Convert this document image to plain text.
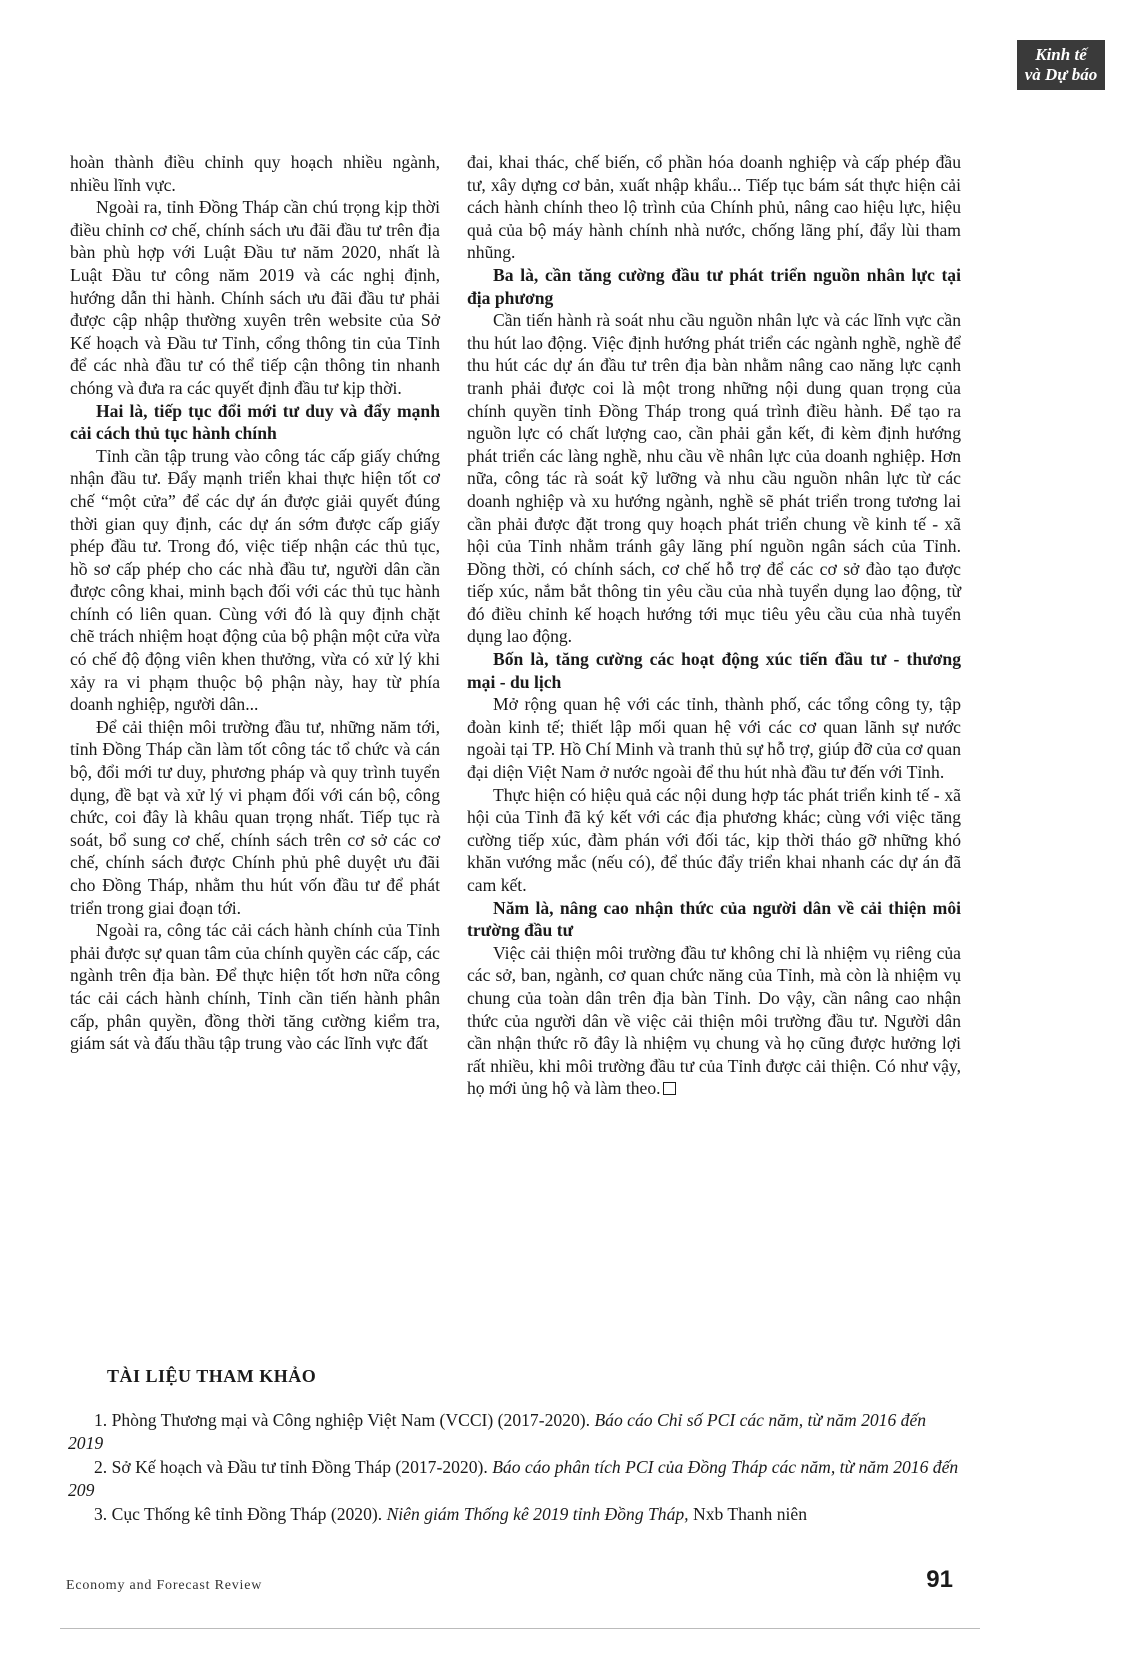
Kinh tế
và Dự báo

hoàn thành điều chỉnh quy hoạch nhiều ngành, nhiều lĩnh vực.

Ngoài ra, tỉnh Đồng Tháp cần chú trọng kịp thời điều chỉnh cơ chế, chính sách ưu đãi đầu tư trên địa bàn phù hợp với Luật Đầu tư năm 2020, nhất là Luật Đầu tư công năm 2019 và các nghị định, hướng dẫn thi hành. Chính sách ưu đãi đầu tư phải được cập nhập thường xuyên trên website của Sở Kế hoạch và Đầu tư Tỉnh, cổng thông tin của Tỉnh để các nhà đầu tư có thể tiếp cận thông tin nhanh chóng và đưa ra các quyết định đầu tư kịp thời.

Hai là, tiếp tục đổi mới tư duy và đẩy mạnh cải cách thủ tục hành chính

Tỉnh cần tập trung vào công tác cấp giấy chứng nhận đầu tư. Đẩy mạnh triển khai thực hiện tốt cơ chế “một cửa” để các dự án được giải quyết đúng thời gian quy định, các dự án sớm được cấp giấy phép đầu tư. Trong đó, việc tiếp nhận các thủ tục, hồ sơ cấp phép cho các nhà đầu tư, người dân cần được công khai, minh bạch đối với các thủ tục hành chính có liên quan. Cùng với đó là quy định chặt chẽ trách nhiệm hoạt động của bộ phận một cửa vừa có chế độ động viên khen thưởng, vừa có xử lý khi xảy ra vi phạm thuộc bộ phận này, hay từ phía doanh nghiệp, người dân...

Để cải thiện môi trường đầu tư, những năm tới, tỉnh Đồng Tháp cần làm tốt công tác tổ chức và cán bộ, đổi mới tư duy, phương pháp và quy trình tuyển dụng, đề bạt và xử lý vi phạm đối với cán bộ, công chức, coi đây là khâu quan trọng nhất. Tiếp tục rà soát, bổ sung cơ chế, chính sách trên cơ sở các cơ chế, chính sách được Chính phủ phê duyệt ưu đãi cho Đồng Tháp, nhằm thu hút vốn đầu tư để phát triển trong giai đoạn tới.

Ngoài ra, công tác cải cách hành chính của Tỉnh phải được sự quan tâm của chính quyền các cấp, các ngành trên địa bàn. Để thực hiện tốt hơn nữa công tác cải cách hành chính, Tỉnh cần tiến hành phân cấp, phân quyền, đồng thời tăng cường kiểm tra, giám sát và đấu thầu tập trung vào các lĩnh vực đất

đai, khai thác, chế biến, cổ phần hóa doanh nghiệp và cấp phép đầu tư, xây dựng cơ bản, xuất nhập khẩu... Tiếp tục bám sát thực hiện cải cách hành chính theo lộ trình của Chính phủ, nâng cao hiệu lực, hiệu quả của bộ máy hành chính nhà nước, chống lãng phí, đẩy lùi tham nhũng.

Ba là, cần tăng cường đầu tư phát triển nguồn nhân lực tại địa phương

Cần tiến hành rà soát nhu cầu nguồn nhân lực và các lĩnh vực cần thu hút lao động. Việc định hướng phát triển các ngành nghề, nghề để thu hút các dự án đầu tư trên địa bàn nhằm nâng cao năng lực cạnh tranh phải được coi là một trong những nội dung quan trọng của chính quyền tỉnh Đồng Tháp trong quá trình điều hành. Để tạo ra nguồn lực có chất lượng cao, cần phải gắn kết, đi kèm định hướng phát triển các làng nghề, nhu cầu về nhân lực của doanh nghiệp. Hơn nữa, công tác rà soát kỹ lưỡng và nhu cầu nguồn nhân lực từ các doanh nghiệp và xu hướng ngành, nghề sẽ phát triển trong tương lai cần phải được đặt trong quy hoạch phát triển chung về kinh tế - xã hội của Tỉnh nhằm tránh gây lãng phí nguồn ngân sách của Tỉnh. Đồng thời, có chính sách, cơ chế hỗ trợ để các cơ sở đào tạo được tiếp xúc, nắm bắt thông tin yêu cầu của nhà tuyển dụng lao động, từ đó điều chỉnh kế hoạch hướng tới mục tiêu yêu cầu của nhà tuyển dụng lao động.

Bốn là, tăng cường các hoạt động xúc tiến đầu tư - thương mại - du lịch

Mở rộng quan hệ với các tỉnh, thành phố, các tổng công ty, tập đoàn kinh tế; thiết lập mối quan hệ với các cơ quan lãnh sự nước ngoài tại TP. Hồ Chí Minh và tranh thủ sự hỗ trợ, giúp đỡ của cơ quan đại diện Việt Nam ở nước ngoài để thu hút nhà đầu tư đến với Tỉnh.

Thực hiện có hiệu quả các nội dung hợp tác phát triển kinh tế - xã hội của Tỉnh đã ký kết với các địa phương khác; cùng với việc tăng cường tiếp xúc, đàm phán với đối tác, kịp thời tháo gỡ những khó khăn vướng mắc (nếu có), để thúc đẩy triển khai nhanh các dự án đã cam kết.

Năm là, nâng cao nhận thức của người dân về cải thiện môi trường đầu tư

Việc cải thiện môi trường đầu tư không chỉ là nhiệm vụ riêng của các sở, ban, ngành, cơ quan chức năng của Tỉnh, mà còn là nhiệm vụ chung của toàn dân trên địa bàn Tỉnh. Do vậy, cần nâng cao nhận thức của người dân về việc cải thiện môi trường đầu tư. Người dân cần nhận thức rõ đây là nhiệm vụ chung và họ cũng được hưởng lợi rất nhiều, khi môi trường đầu tư của Tỉnh được cải thiện. Có như vậy, họ mới ủng hộ và làm theo.

TÀI LIỆU THAM KHẢO

1. Phòng Thương mại và Công nghiệp Việt Nam (VCCI) (2017-2020). Báo cáo Chỉ số PCI các năm, từ năm 2016 đến 2019

2. Sở Kế hoạch và Đầu tư tỉnh Đồng Tháp (2017-2020). Báo cáo phân tích PCI của Đồng Tháp các năm, từ năm 2016 đến 209

3. Cục Thống kê tỉnh Đồng Tháp (2020). Niên giám Thống kê 2019 tỉnh Đồng Tháp, Nxb Thanh niên

Economy and Forecast Review	91
